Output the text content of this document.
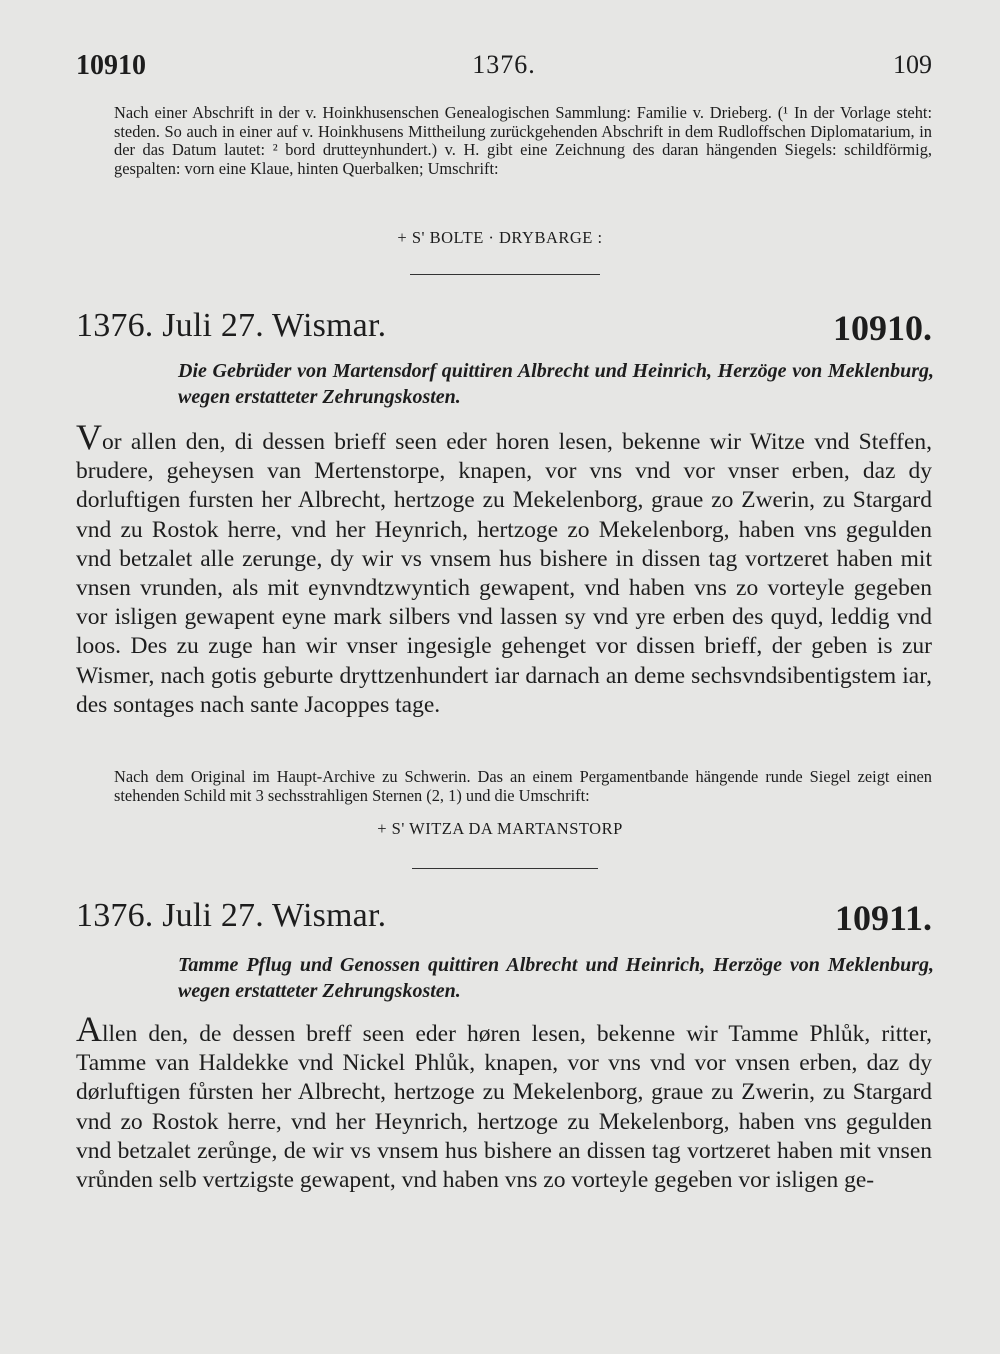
10910	1376.	109

Nach einer Abschrift in der v. Hoinkhusenschen Genealogischen Sammlung: Familie v. Drieberg. (¹ In der Vorlage steht: steden. So auch in einer auf v. Hoinkhusens Mittheilung zurückgehenden Abschrift in dem Rudloffschen Diplomatarium, in der das Datum lautet: ² bord drutteynhundert.) v. H. gibt eine Zeichnung des daran hängenden Siegels: schildförmig, gespalten: vorn eine Klaue, hinten Querbalken; Umschrift:

+ S' BOLTE · DRYBARGE :
1376. Juli 27. Wismar.	10910.
Die Gebrüder von Martensdorf quittiren Albrecht und Heinrich, Herzöge von Meklenburg, wegen erstatteter Zehrungskosten.
Vor allen den, di dessen brieff seen eder horen lesen, bekenne wir Witze vnd Steffen, brudere, geheysen van Mertenstorpe, knapen, vor vns vnd vor vnser erben, daz dy dorluftigen fursten her Albrecht, hertzoge zu Mekelenborg, graue zo Zwerin, zu Stargard vnd zu Rostok herre, vnd her Heynrich, hertzoge zo Mekelenborg, haben vns gegulden vnd betzalet alle zerunge, dy wir vs vnsem hus bishere in dissen tag vortzeret haben mit vnsen vrunden, als mit eynvndtzwyntich gewapent, vnd haben vns zo vorteyle gegeben vor isligen gewapent eyne mark silbers vnd lassen sy vnd yre erben des quyd, leddig vnd loos. Des zu zuge han wir vnser ingesigle gehenget vor dissen brieff, der geben is zur Wismer, nach gotis geburte dryttzenhundert iar darnach an deme sechsvndsibentigstem iar, des sontages nach sante Jacoppes tage.

Nach dem Original im Haupt-Archive zu Schwerin. Das an einem Pergamentbande hängende runde Siegel zeigt einen stehenden Schild mit 3 sechsstrahligen Sternen (2, 1) und die Umschrift:

+ S' WITZA DA MARTANSTORP
1376. Juli 27. Wismar.	10911.
Tamme Pflug und Genossen quittiren Albrecht und Heinrich, Herzöge von Meklenburg, wegen erstatteter Zehrungskosten.
Allen den, de dessen breff seen eder høren lesen, bekenne wir Tamme Phlůk, ritter, Tamme van Haldekke vnd Nickel Phlůk, knapen, vor vns vnd vor vnsen erben, daz dy dørluftigen fůrsten her Albrecht, hertzoge zu Mekelenborg, graue zu Zwerin, zu Stargard vnd zo Rostok herre, vnd her Heynrich, hertzoge zu Mekelenborg, haben vns gegulden vnd betzalet zerůnge, de wir vs vnsem hus bishere an dissen tag vortzeret haben mit vnsen vrůnden selb vertzigste gewapent, vnd haben vns zo vorteyle gegeben vor isligen ge-
